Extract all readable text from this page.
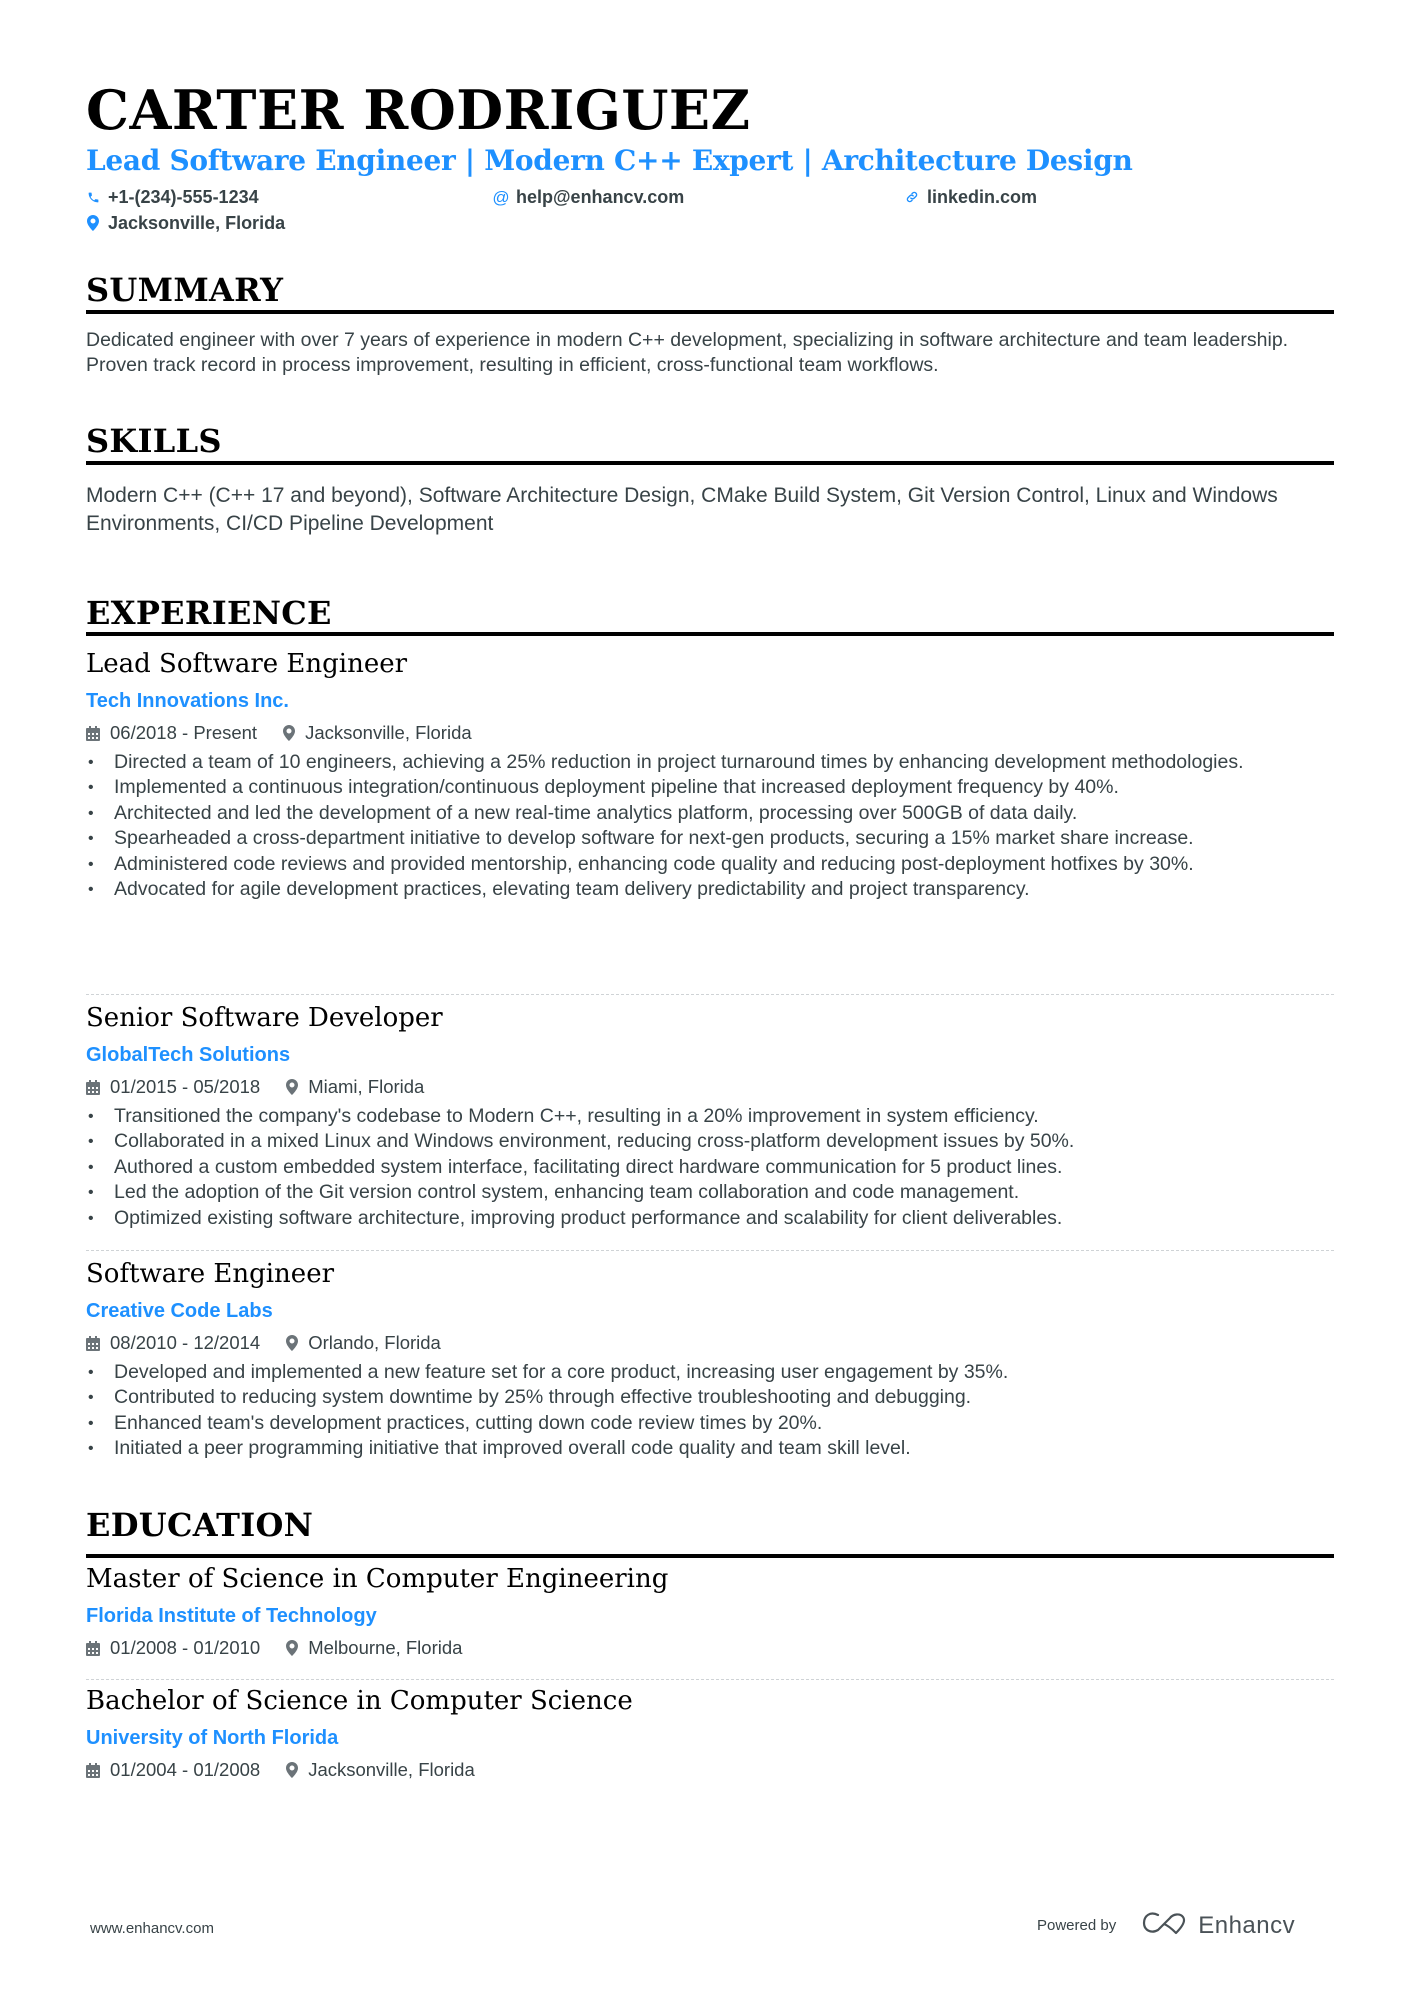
CARTER RODRIGUEZ
Lead Software Engineer | Modern C++ Expert | Architecture Design
+1-(234)-555-1234	@ help@enhancv.com	linkedin.com
Jacksonville, Florida
SUMMARY
Dedicated engineer with over 7 years of experience in modern C++ development, specializing in software architecture and team leadership. Proven track record in process improvement, resulting in efficient, cross-functional team workflows.
SKILLS
Modern C++ (C++ 17 and beyond), Software Architecture Design, CMake Build System, Git Version Control, Linux and Windows Environments, CI/CD Pipeline Development
EXPERIENCE
Lead Software Engineer
Tech Innovations Inc.
06/2018 - Present	Jacksonville, Florida
• Directed a team of 10 engineers, achieving a 25% reduction in project turnaround times by enhancing development methodologies.
• Implemented a continuous integration/continuous deployment pipeline that increased deployment frequency by 40%.
• Architected and led the development of a new real-time analytics platform, processing over 500GB of data daily.
• Spearheaded a cross-department initiative to develop software for next-gen products, securing a 15% market share increase.
• Administered code reviews and provided mentorship, enhancing code quality and reducing post-deployment hotfixes by 30%.
• Advocated for agile development practices, elevating team delivery predictability and project transparency.
Senior Software Developer
GlobalTech Solutions
01/2015 - 05/2018	Miami, Florida
• Transitioned the company's codebase to Modern C++, resulting in a 20% improvement in system efficiency.
• Collaborated in a mixed Linux and Windows environment, reducing cross-platform development issues by 50%.
• Authored a custom embedded system interface, facilitating direct hardware communication for 5 product lines.
• Led the adoption of the Git version control system, enhancing team collaboration and code management.
• Optimized existing software architecture, improving product performance and scalability for client deliverables.
Software Engineer
Creative Code Labs
08/2010 - 12/2014	Orlando, Florida
• Developed and implemented a new feature set for a core product, increasing user engagement by 35%.
• Contributed to reducing system downtime by 25% through effective troubleshooting and debugging.
• Enhanced team's development practices, cutting down code review times by 20%.
• Initiated a peer programming initiative that improved overall code quality and team skill level.
EDUCATION
Master of Science in Computer Engineering
Florida Institute of Technology
01/2008 - 01/2010	Melbourne, Florida
Bachelor of Science in Computer Science
University of North Florida
01/2004 - 01/2008	Jacksonville, Florida
www.enhancv.com	Powered by	Enhancv
